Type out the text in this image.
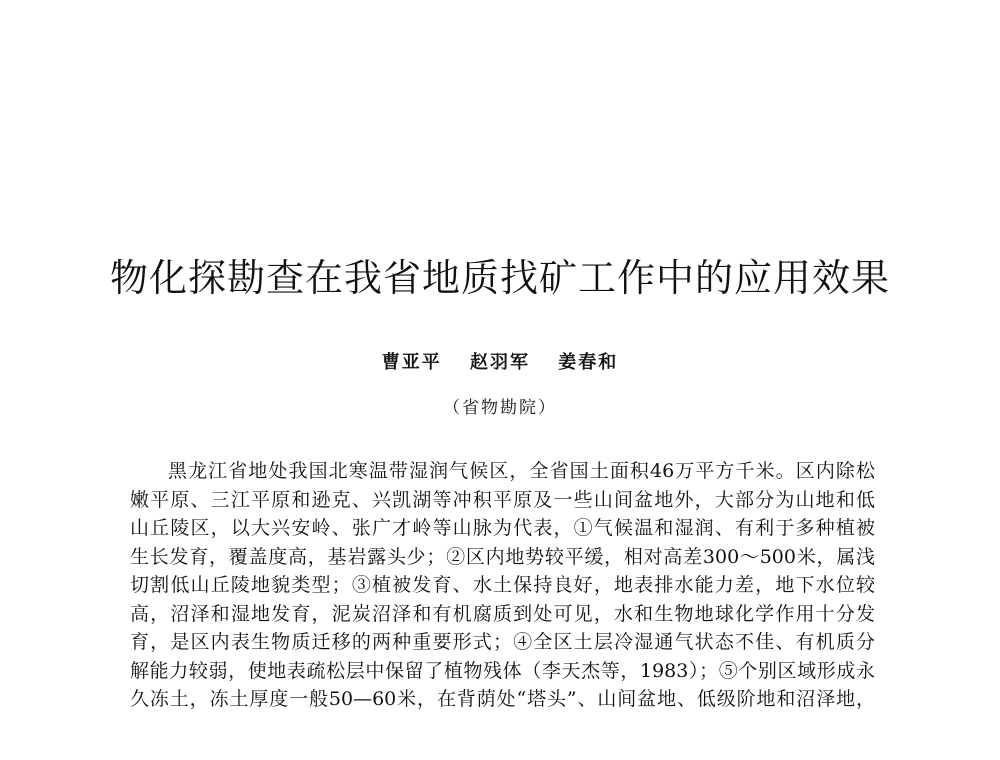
物化探勘查在我省地质找矿工作中的应用效果
曹亚平 赵羽军 姜春和
（省物勘院）
黑龙江省地处我国北寒温带湿润气候区，全省国土面积46万平方千米。区内除松
嫩平原、三江平原和逊克、兴凯湖等冲积平原及一些山间盆地外，大部分为山地和低
山丘陵区，以大兴安岭、张广才岭等山脉为代表，①气候温和湿润、有利于多种植被
生长发育，覆盖度高，基岩露头少；②区内地势较平缓，相对高差300～500米，属浅
切割低山丘陵地貌类型；③植被发育、水土保持良好，地表排水能力差，地下水位较
高，沼泽和湿地发育，泥炭沼泽和有机腐质到处可见，水和生物地球化学作用十分发
育，是区内表生物质迁移的两种重要形式；④全区土层冷湿通气状态不佳、有机质分
解能力较弱，使地表疏松层中保留了植物残体（李天杰等，1983）；⑤个别区域形成永
久冻土，冻土厚度一般50—60米，在背荫处“塔头”、山间盆地、低级阶地和沼泽地，
